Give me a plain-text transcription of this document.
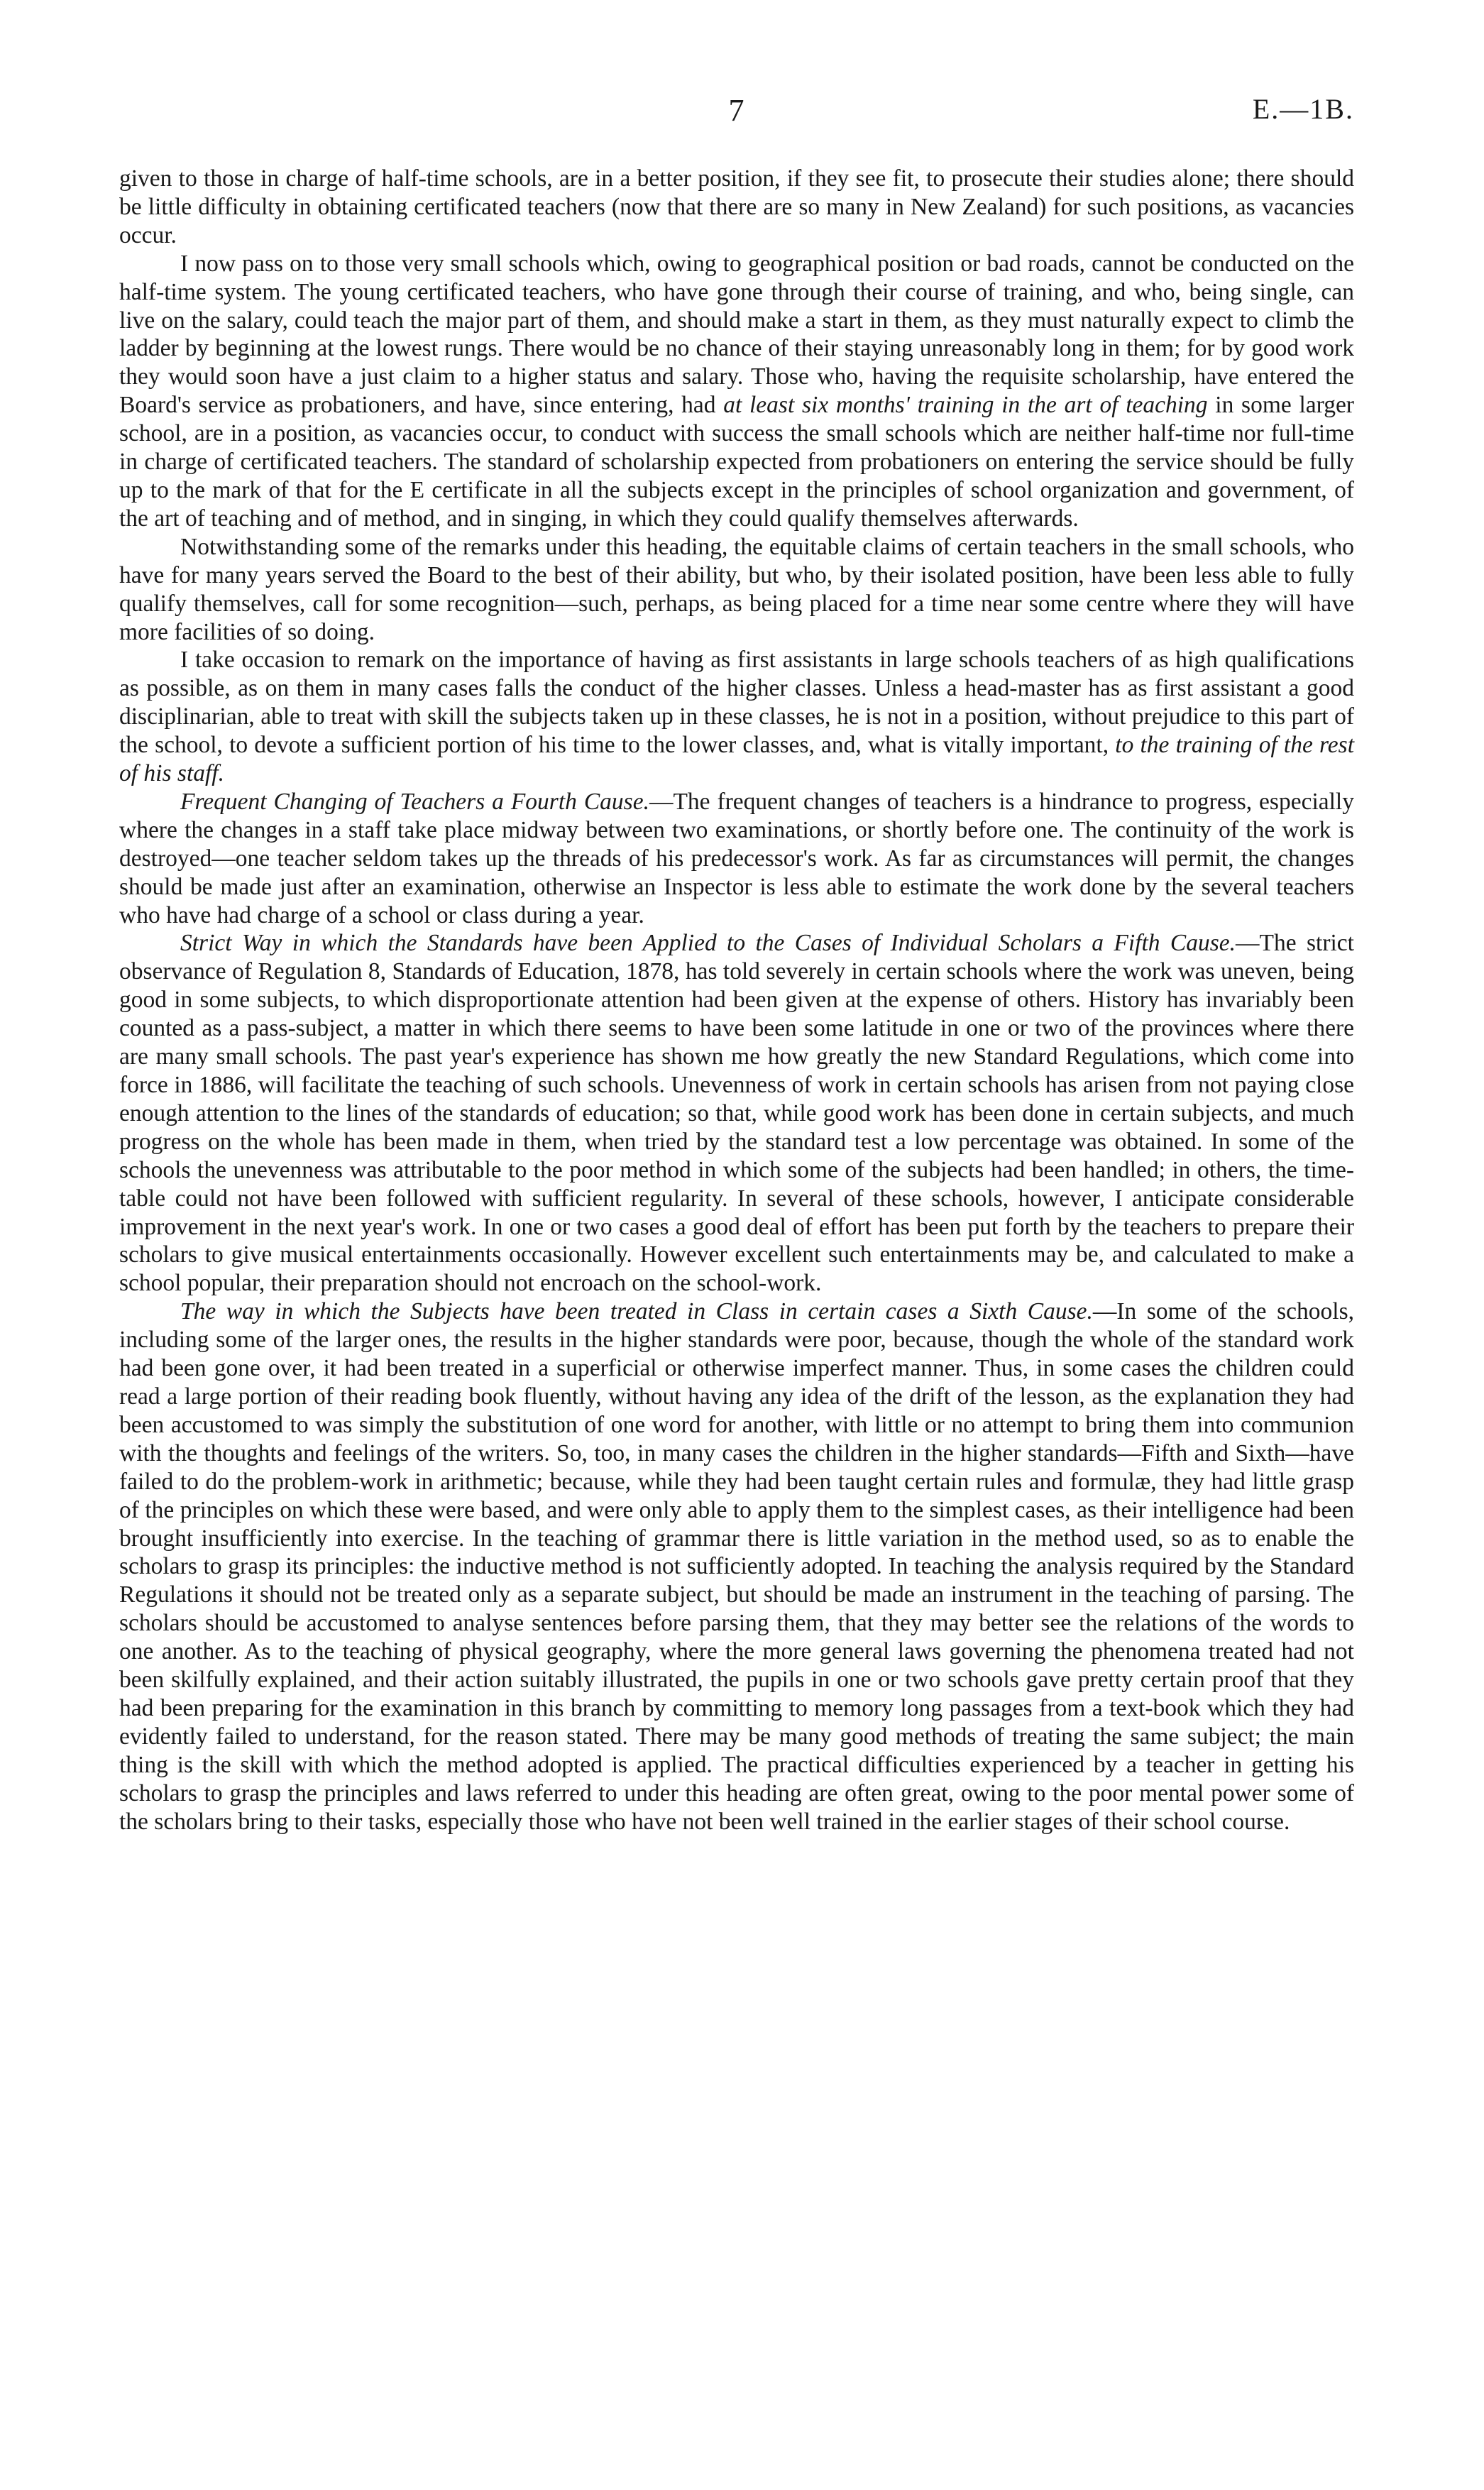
7	E.—1B.

given to those in charge of half-time schools, are in a better position, if they see fit, to prosecute their studies alone; there should be little difficulty in obtaining certificated teachers (now that there are so many in New Zealand) for such positions, as vacancies occur.

I now pass on to those very small schools which, owing to geographical position or bad roads, cannot be conducted on the half-time system. The young certificated teachers, who have gone through their course of training, and who, being single, can live on the salary, could teach the major part of them, and should make a start in them, as they must naturally expect to climb the ladder by beginning at the lowest rungs. There would be no chance of their staying unreasonably long in them; for by good work they would soon have a just claim to a higher status and salary. Those who, having the requisite scholarship, have entered the Board's service as probationers, and have, since entering, had at least six months' training in the art of teaching in some larger school, are in a position, as vacancies occur, to conduct with success the small schools which are neither half-time nor full-time in charge of certificated teachers. The standard of scholarship expected from probationers on entering the service should be fully up to the mark of that for the E certificate in all the subjects except in the principles of school organization and government, of the art of teaching and of method, and in singing, in which they could qualify themselves afterwards.

Notwithstanding some of the remarks under this heading, the equitable claims of certain teachers in the small schools, who have for many years served the Board to the best of their ability, but who, by their isolated position, have been less able to fully qualify themselves, call for some recognition—such, perhaps, as being placed for a time near some centre where they will have more facilities of so doing.

I take occasion to remark on the importance of having as first assistants in large schools teachers of as high qualifications as possible, as on them in many cases falls the conduct of the higher classes. Unless a head-master has as first assistant a good disciplinarian, able to treat with skill the subjects taken up in these classes, he is not in a position, without prejudice to this part of the school, to devote a sufficient portion of his time to the lower classes, and, what is vitally important, to the training of the rest of his staff.

Frequent Changing of Teachers a Fourth Cause.—The frequent changes of teachers is a hindrance to progress, especially where the changes in a staff take place midway between two examinations, or shortly before one. The continuity of the work is destroyed—one teacher seldom takes up the threads of his predecessor's work. As far as circumstances will permit, the changes should be made just after an examination, otherwise an Inspector is less able to estimate the work done by the several teachers who have had charge of a school or class during a year.

Strict Way in which the Standards have been Applied to the Cases of Individual Scholars a Fifth Cause.—The strict observance of Regulation 8, Standards of Education, 1878, has told severely in certain schools where the work was uneven, being good in some subjects, to which disproportionate attention had been given at the expense of others. History has invariably been counted as a pass-subject, a matter in which there seems to have been some latitude in one or two of the provinces where there are many small schools. The past year's experience has shown me how greatly the new Standard Regulations, which come into force in 1886, will facilitate the teaching of such schools. Unevenness of work in certain schools has arisen from not paying close enough attention to the lines of the standards of education; so that, while good work has been done in certain subjects, and much progress on the whole has been made in them, when tried by the standard test a low percentage was obtained. In some of the schools the unevenness was attributable to the poor method in which some of the subjects had been handled; in others, the time-table could not have been followed with sufficient regularity. In several of these schools, however, I anticipate considerable improvement in the next year's work. In one or two cases a good deal of effort has been put forth by the teachers to prepare their scholars to give musical entertainments occasionally. However excellent such entertainments may be, and calculated to make a school popular, their preparation should not encroach on the school-work.

The way in which the Subjects have been treated in Class in certain cases a Sixth Cause.—In some of the schools, including some of the larger ones, the results in the higher standards were poor, because, though the whole of the standard work had been gone over, it had been treated in a superficial or otherwise imperfect manner. Thus, in some cases the children could read a large portion of their reading book fluently, without having any idea of the drift of the lesson, as the explanation they had been accustomed to was simply the substitution of one word for another, with little or no attempt to bring them into communion with the thoughts and feelings of the writers. So, too, in many cases the children in the higher standards—Fifth and Sixth—have failed to do the problem-work in arithmetic; because, while they had been taught certain rules and formulæ, they had little grasp of the principles on which these were based, and were only able to apply them to the simplest cases, as their intelligence had been brought insufficiently into exercise. In the teaching of grammar there is little variation in the method used, so as to enable the scholars to grasp its principles: the inductive method is not sufficiently adopted. In teaching the analysis required by the Standard Regulations it should not be treated only as a separate subject, but should be made an instrument in the teaching of parsing. The scholars should be accustomed to analyse sentences before parsing them, that they may better see the relations of the words to one another. As to the teaching of physical geography, where the more general laws governing the phenomena treated had not been skilfully explained, and their action suitably illustrated, the pupils in one or two schools gave pretty certain proof that they had been preparing for the examination in this branch by committing to memory long passages from a text-book which they had evidently failed to understand, for the reason stated. There may be many good methods of treating the same subject; the main thing is the skill with which the method adopted is applied. The practical difficulties experienced by a teacher in getting his scholars to grasp the principles and laws referred to under this heading are often great, owing to the poor mental power some of the scholars bring to their tasks, especially those who have not been well trained in the earlier stages of their school course.
